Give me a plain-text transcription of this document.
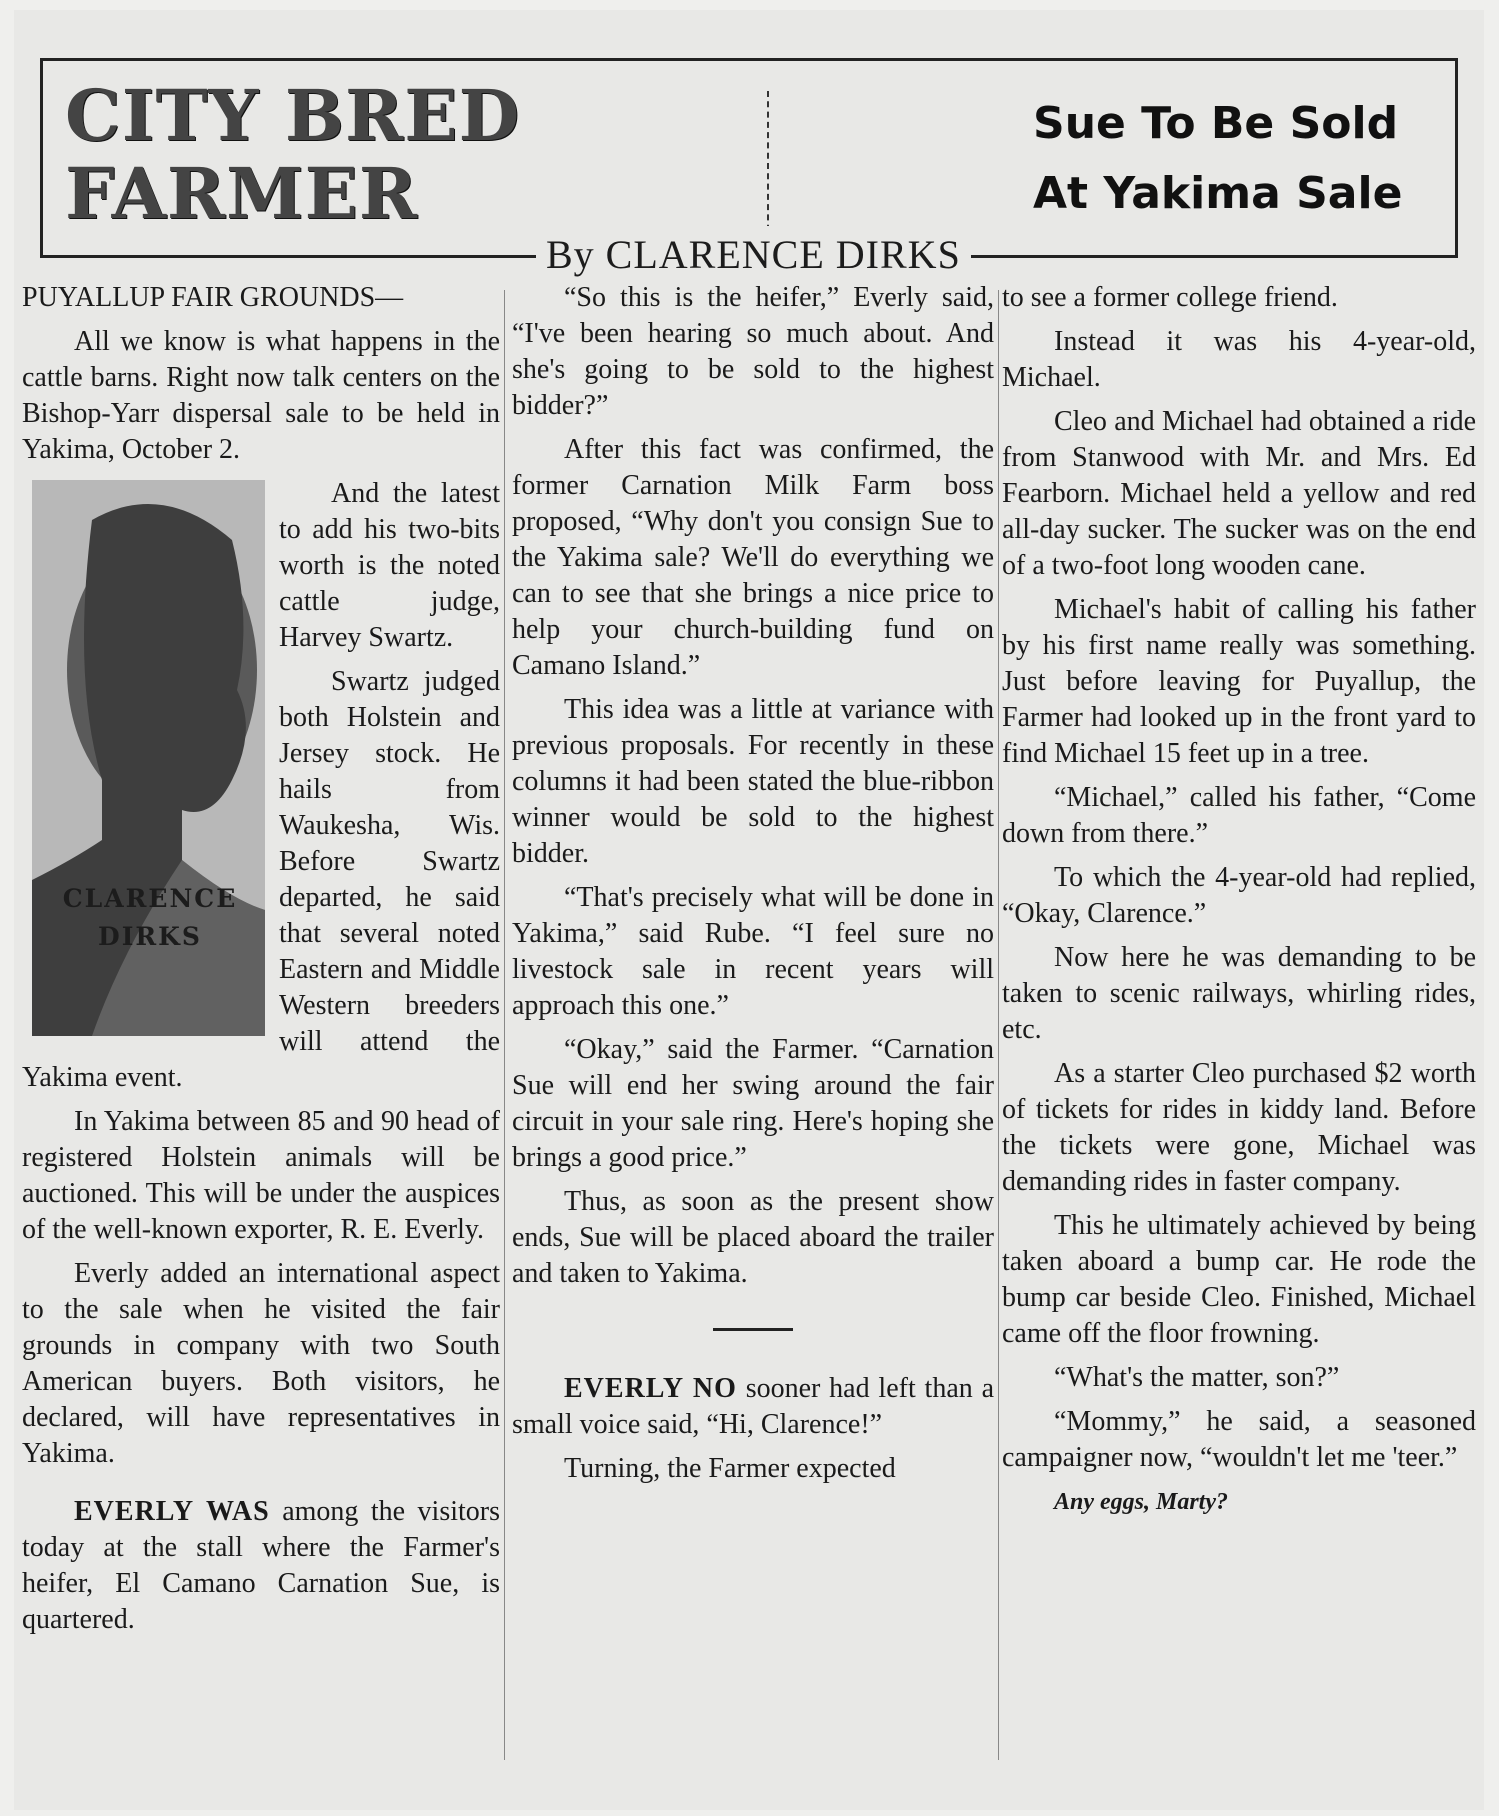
CITY BRED
FARMER
Sue To Be Sold
At Yakima Sale
By CLARENCE DIRKS

PUYALLUP FAIR GROUNDS—

All we know is what happens in the cattle barns. Right now talk centers on the Bishop-Yarr dispersal sale to be held in Yakima, October 2.

And the latest to add his two-bits worth is the noted cattle judge, Harvey Swartz.

Swartz judged both Holstein and Jersey stock. He hails from Waukesha, Wis. Before Swartz departed, he said that several noted Eastern and Middle Western breeders will attend the Yakima event.

In Yakima between 85 and 90 head of registered Holstein animals will be auctioned. This will be under the auspices of the well-known exporter, R. E. Everly.

Everly added an international aspect to the sale when he visited the fair grounds in company with two South American buyers. Both visitors, he declared, will have representatives in Yakima.

EVERLY WAS among the visitors today at the stall where the Farmer's heifer, El Camano Carnation Sue, is quartered.

CLARENCE
DIRKS

“So this is the heifer,” Everly said, “I've been hearing so much about. And she's going to be sold to the highest bidder?”

After this fact was confirmed, the former Carnation Milk Farm boss proposed, “Why don't you consign Sue to the Yakima sale? We'll do everything we can to see that she brings a nice price to help your church-building fund on Camano Island.”

This idea was a little at variance with previous proposals. For recently in these columns it had been stated the blue-ribbon winner would be sold to the highest bidder.

“That's precisely what will be done in Yakima,” said Rube. “I feel sure no livestock sale in recent years will approach this one.”

“Okay,” said the Farmer. “Carnation Sue will end her swing around the fair circuit in your sale ring. Here's hoping she brings a good price.”

Thus, as soon as the present show ends, Sue will be placed aboard the trailer and taken to Yakima.

EVERLY NO sooner had left than a small voice said, “Hi, Clarence!”

Turning, the Farmer expected

to see a former college friend.

Instead it was his 4-year-old, Michael.

Cleo and Michael had obtained a ride from Stanwood with Mr. and Mrs. Ed Fearborn. Michael held a yellow and red all-day sucker. The sucker was on the end of a two-foot long wooden cane.

Michael's habit of calling his father by his first name really was something. Just before leaving for Puyallup, the Farmer had looked up in the front yard to find Michael 15 feet up in a tree.

“Michael,” called his father, “Come down from there.”

To which the 4-year-old had replied, “Okay, Clarence.”

Now here he was demanding to be taken to scenic railways, whirling rides, etc.

As a starter Cleo purchased $2 worth of tickets for rides in kiddy land. Before the tickets were gone, Michael was demanding rides in faster company.

This he ultimately achieved by being taken aboard a bump car. He rode the bump car beside Cleo. Finished, Michael came off the floor frowning.

“What's the matter, son?”

“Mommy,” he said, a seasoned campaigner now, “wouldn't let me 'teer.”

Any eggs, Marty?
